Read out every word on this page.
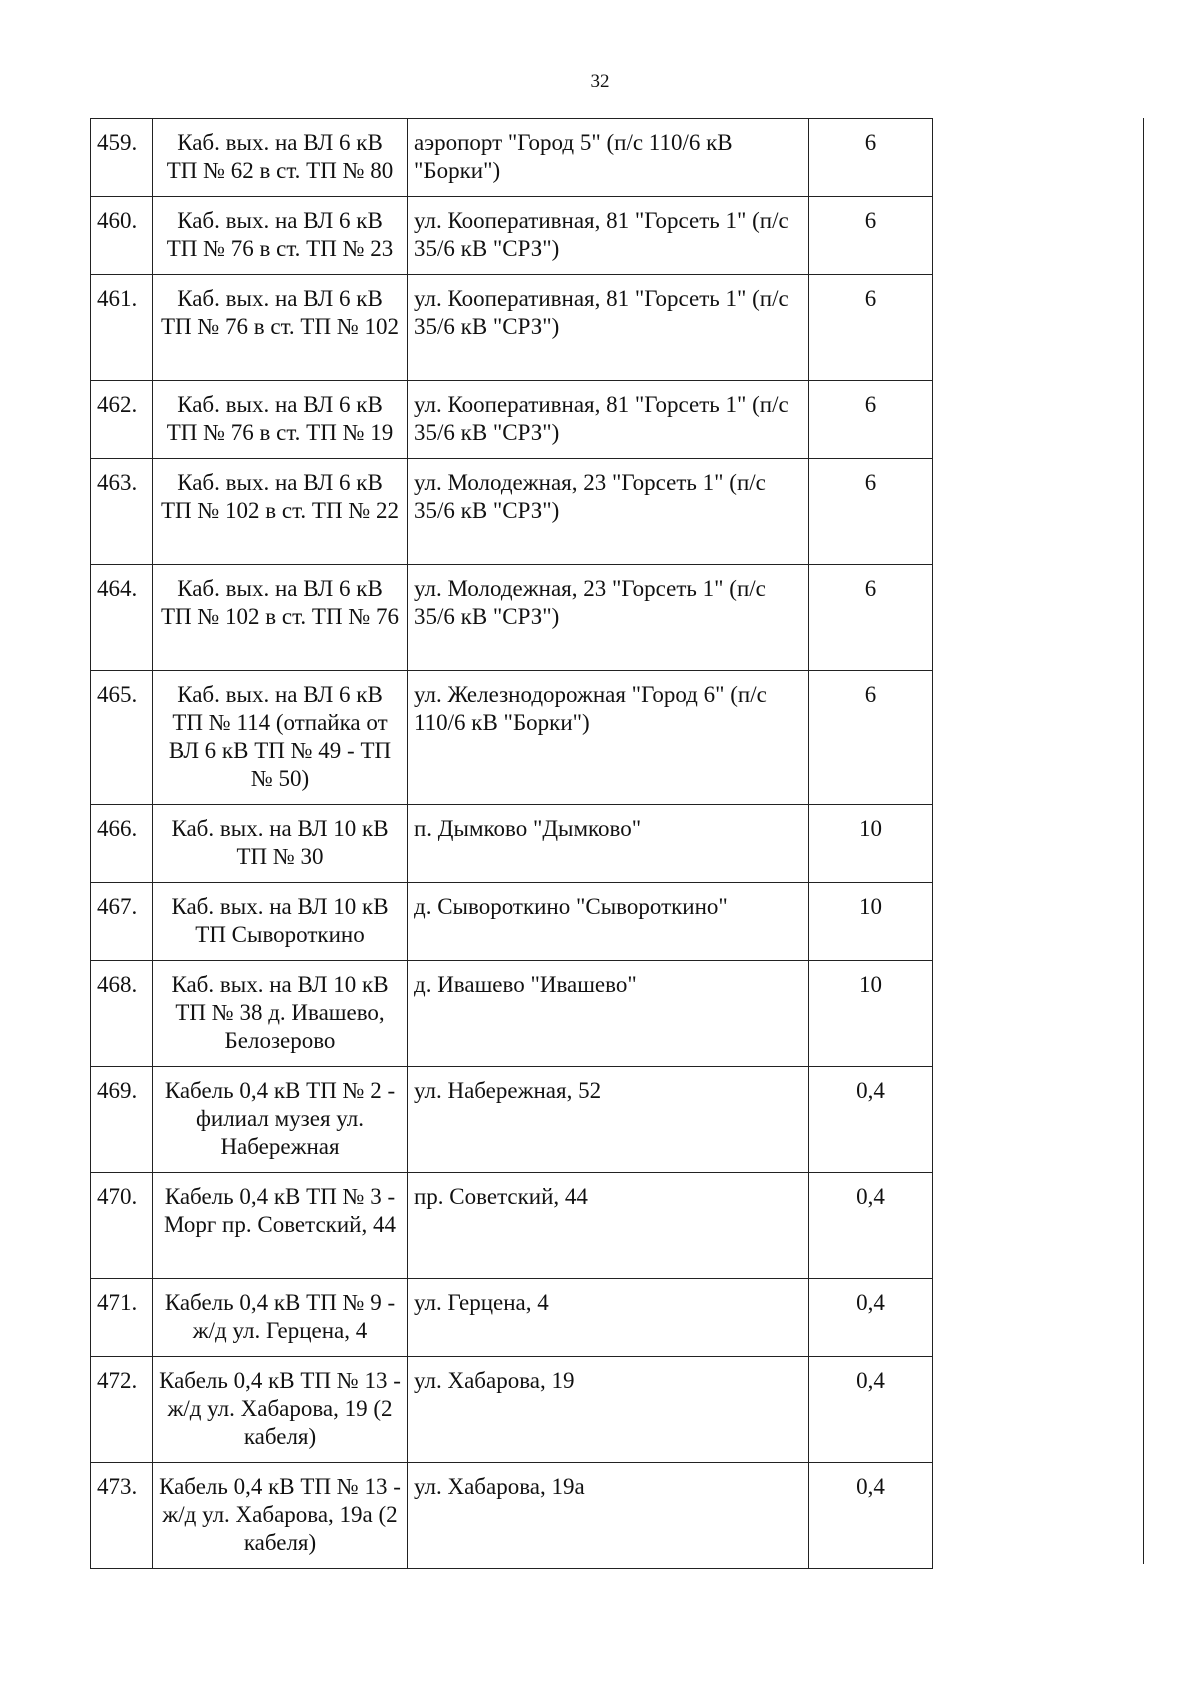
32
459.	Каб. вых. на ВЛ 6 кВ ТП № 62 в ст. ТП № 80	аэропорт "Город 5" (п/с 110/6 кВ "Борки")	6
460.	Каб. вых. на ВЛ 6 кВ ТП № 76 в ст. ТП № 23	ул. Кооперативная, 81 "Горсеть 1" (п/с 35/6 кВ "СРЗ")	6
461.	Каб. вых. на ВЛ 6 кВ ТП № 76 в ст. ТП № 102	ул. Кооперативная, 81 "Горсеть 1" (п/с 35/6 кВ "СРЗ")	6
462.	Каб. вых. на ВЛ 6 кВ ТП № 76 в ст. ТП № 19	ул. Кооперативная, 81 "Горсеть 1" (п/с 35/6 кВ "СРЗ")	6
463.	Каб. вых. на ВЛ 6 кВ ТП № 102 в ст. ТП № 22	ул. Молодежная, 23 "Горсеть 1" (п/с 35/6 кВ "СРЗ")	6
464.	Каб. вых. на ВЛ 6 кВ ТП № 102 в ст. ТП № 76	ул. Молодежная, 23 "Горсеть 1" (п/с 35/6 кВ "СРЗ")	6
465.	Каб. вых. на ВЛ 6 кВ ТП № 114 (отпайка от ВЛ 6 кВ ТП № 49 - ТП № 50)	ул. Железнодорожная "Город 6" (п/с 110/6 кВ "Борки")	6
466.	Каб. вых. на ВЛ 10 кВ ТП № 30	п. Дымково "Дымково"	10
467.	Каб. вых. на ВЛ 10 кВ ТП Сывороткино	д. Сывороткино "Сывороткино"	10
468.	Каб. вых. на ВЛ 10 кВ ТП № 38 д. Ивашево, Белозерово	д. Ивашево "Ивашево"	10
469.	Кабель 0,4 кВ ТП № 2 - филиал музея ул. Набережная	ул. Набережная, 52	0,4
470.	Кабель 0,4 кВ ТП № 3 - Морг пр. Советский, 44	пр. Советский, 44	0,4
471.	Кабель 0,4 кВ ТП № 9 - ж/д ул. Герцена, 4	ул. Герцена, 4	0,4
472.	Кабель 0,4 кВ ТП № 13 - ж/д ул. Хабарова, 19 (2 кабеля)	ул. Хабарова, 19	0,4
473.	Кабель 0,4 кВ ТП № 13 - ж/д ул. Хабарова, 19а (2 кабеля)	ул. Хабарова, 19а	0,4
